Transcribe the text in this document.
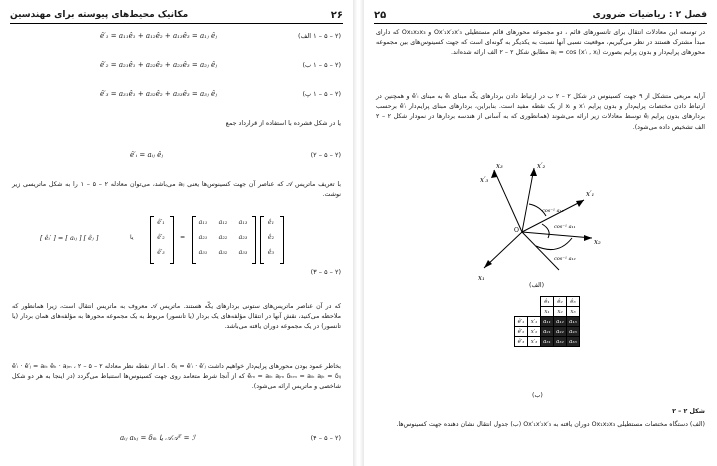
۲۶
مکانیک محیط‌های پیوسته برای مهندسین
ê′₁ = a₁₁ê₁ + a₁₂ê₂ + a₁₃ê₃ = a₁ⱼ êⱼ	(۲ – ۵ – ۱ الف)
ê′₂ = a₂₁ê₁ + a₂₂ê₂ + a₂₃ê₃ = a₂ⱼ êⱼ	(۲ – ۵ – ۱ ب)
ê′₃ = a₃₁ê₁ + a₃₂ê₂ + a₃₃ê₃ = a₃ⱼ êⱼ	(۲ – ۵ – ۱ پ)
یا در شکل فشرده با استفاده از قرارداد جمع
ê′ᵢ = aᵢⱼ êⱼ	(۲ – ۵ – ۲)
با تعریف ماتریس 𝒜 که عناصر آن جهت کسینوس‌ها یعنی aᵢⱼ می‌باشد، می‌توان معادله ۲ – ۵ – ۱ را به شکل ماتریسی زیر نوشت.
[ êᵢ′ ] = [ aᵢⱼ ] [ êⱼ ]	یا
ê′₁
ê′₂
ê′₃
=
a₁₁	a₁₂	a₁₃
a₂₁	a₂₂	a₂₃
a₃₁	a₃₂	a₃₃
ê₁
ê₂
ê₃
(۲ – ۵ – ۳)
که در آن عناصر ماتریس‌های ستونی بردارهای یکّه هستند. ماتریس 𝒜 معروف به ماتریس انتقال است، زیرا همانطور که ملاحظه می‌کنید، نقش آنها در انتقال مؤلفه‌های یک بردار (یا تانسور) مربوط به یک مجموعه محورها به مؤلفه‌های همان بردار (یا تانسور) در یک مجموعه دوران یافته می‌باشد.
بخاطر عمود بودن محورهای پرایم‌دار خواهیم داشت δᵢⱼ = ê′ᵢ · ê′ⱼ . اما از نقطه نظر معادله ۲ – ۵ – ۲ ، ê′ᵢ · ê′ⱼ = aᵢₖ êₖ · aⱼₘ êₘ = aᵢₖ aⱼₘ δₖₘ = aᵢₖ aⱼₖ = δᵢⱼ که از آنجا شرط متعامد روی جهت کسینوس‌ها استنباط می‌گردد (در اینجا به هر دو شکل شاخصی و ماتریس ارائه می‌شود).
aᵢⱼ aₖⱼ = δᵢₖ یا 𝒜𝒜ᵀ = ℐ	(۲ – ۵ – ۴)
فصل ۲ : ریاضیات ضروری
۲۵
در توسعه این معادلات انتقال برای تانسورهای قائم ، دو مجموعه محورهای قائم مستطیلی Ox′₁x′₂x′₃ و Ox₁x₂x₃ که دارای مبدأ مشترک هستند در نظر می‌گیریم، موقعیت نسبی آنها نسبت به یکدیگر به گونه‌ای است که جهت کسینوس‌های بین مجموعه محورهای پرایم‌دار و بدون پرایم بصورت aᵢⱼ = cos (x′ᵢ , xⱼ) مطابق شکل ۲ – ۲ الف ارائه شده‌اند.
آرایه مربعی متشکل از ۹ جهت کسینوس در شکل ۲ – ۲ ب در ارتباط دادن بردارهای یکّه مبنای êᵢ به مبنای ê′ᵢ و همچنین در ارتباط دادن مختصات پرایم‌دار و بدون پرایم x′ᵢ و xᵢ از یک نقطه مفید است. بنابراین، بردارهای مبنای پرایم‌دار ê′ᵢ برحسب بردارهای بدون پرایم êⱼ توسط معادلات زیر ارائه می‌شوند (همانطوری که به آسانی از هندسه بردارها در نمودار شکل ۲ – ۲ الف تشخیص داده می‌شود).
x′₃
x₃	x′₂
x′₁
x₂
x₁
O
cos⁻¹ a₁₃
cos⁻¹ a₁₁
cos⁻¹ a₁₂
(الف)
		ê₁	ê₂	ê₃
		x₁	x₂	x₃
ê′₁	x′₁	a₁₁	a₁₂	a₁₃
ê′₂	x′₂	a₂₁	a₂₂	a₂₃
ê′₃	x′₃	a₃₁	a₃₂	a₃₃
(ب)
شکل ۲ – ۲
(الف) دستگاه مختصات مستطیلی Ox₁x₂x₃ دوران یافته به Ox′₁x′₂x′₃ (ب) جدول انتقال نشان دهنده جهت کسینوس‌ها.
